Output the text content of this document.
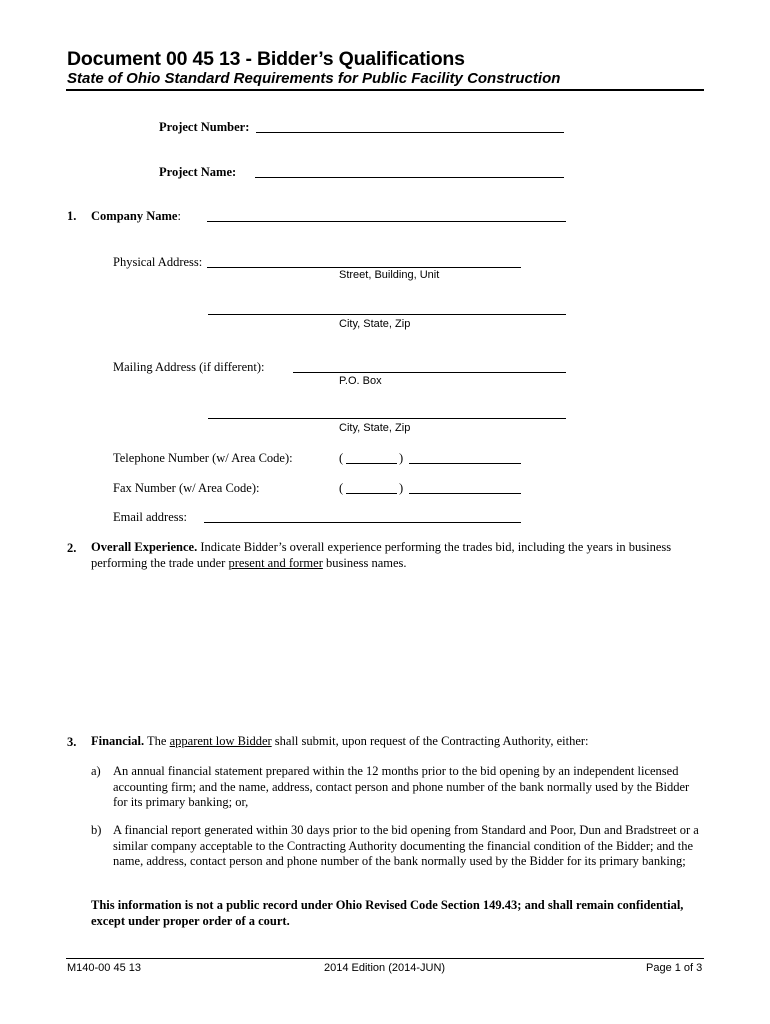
Document 00 45 13 - Bidder’s Qualifications
State of Ohio Standard Requirements for Public Facility Construction
Project Number:
Project Name:
1. Company Name:
Physical Address:
Street, Building, Unit
City, State, Zip
Mailing Address (if different):
P.O. Box
City, State, Zip
Telephone Number (w/ Area Code):	(	)
Fax Number (w/ Area Code):	(	)
Email address:
2. Overall Experience. Indicate Bidder’s overall experience performing the trades bid, including the years in business
performing the trade under present and former business names.
3. Financial. The apparent low Bidder shall submit, upon request of the Contracting Authority, either:
a) An annual financial statement prepared within the 12 months prior to the bid opening by an independent licensed accounting firm; and the name, address, contact person and phone number of the bank normally used by the Bidder for its primary banking; or,
b) A financial report generated within 30 days prior to the bid opening from Standard and Poor, Dun and Bradstreet or a similar company acceptable to the Contracting Authority documenting the financial condition of the Bidder; and the name, address, contact person and phone number of the bank normally used by the Bidder for its primary banking;
This information is not a public record under Ohio Revised Code Section 149.43; and shall remain confidential, except under proper order of a court.
M140-00 45 13	2014 Edition (2014-JUN)	Page 1 of 3
